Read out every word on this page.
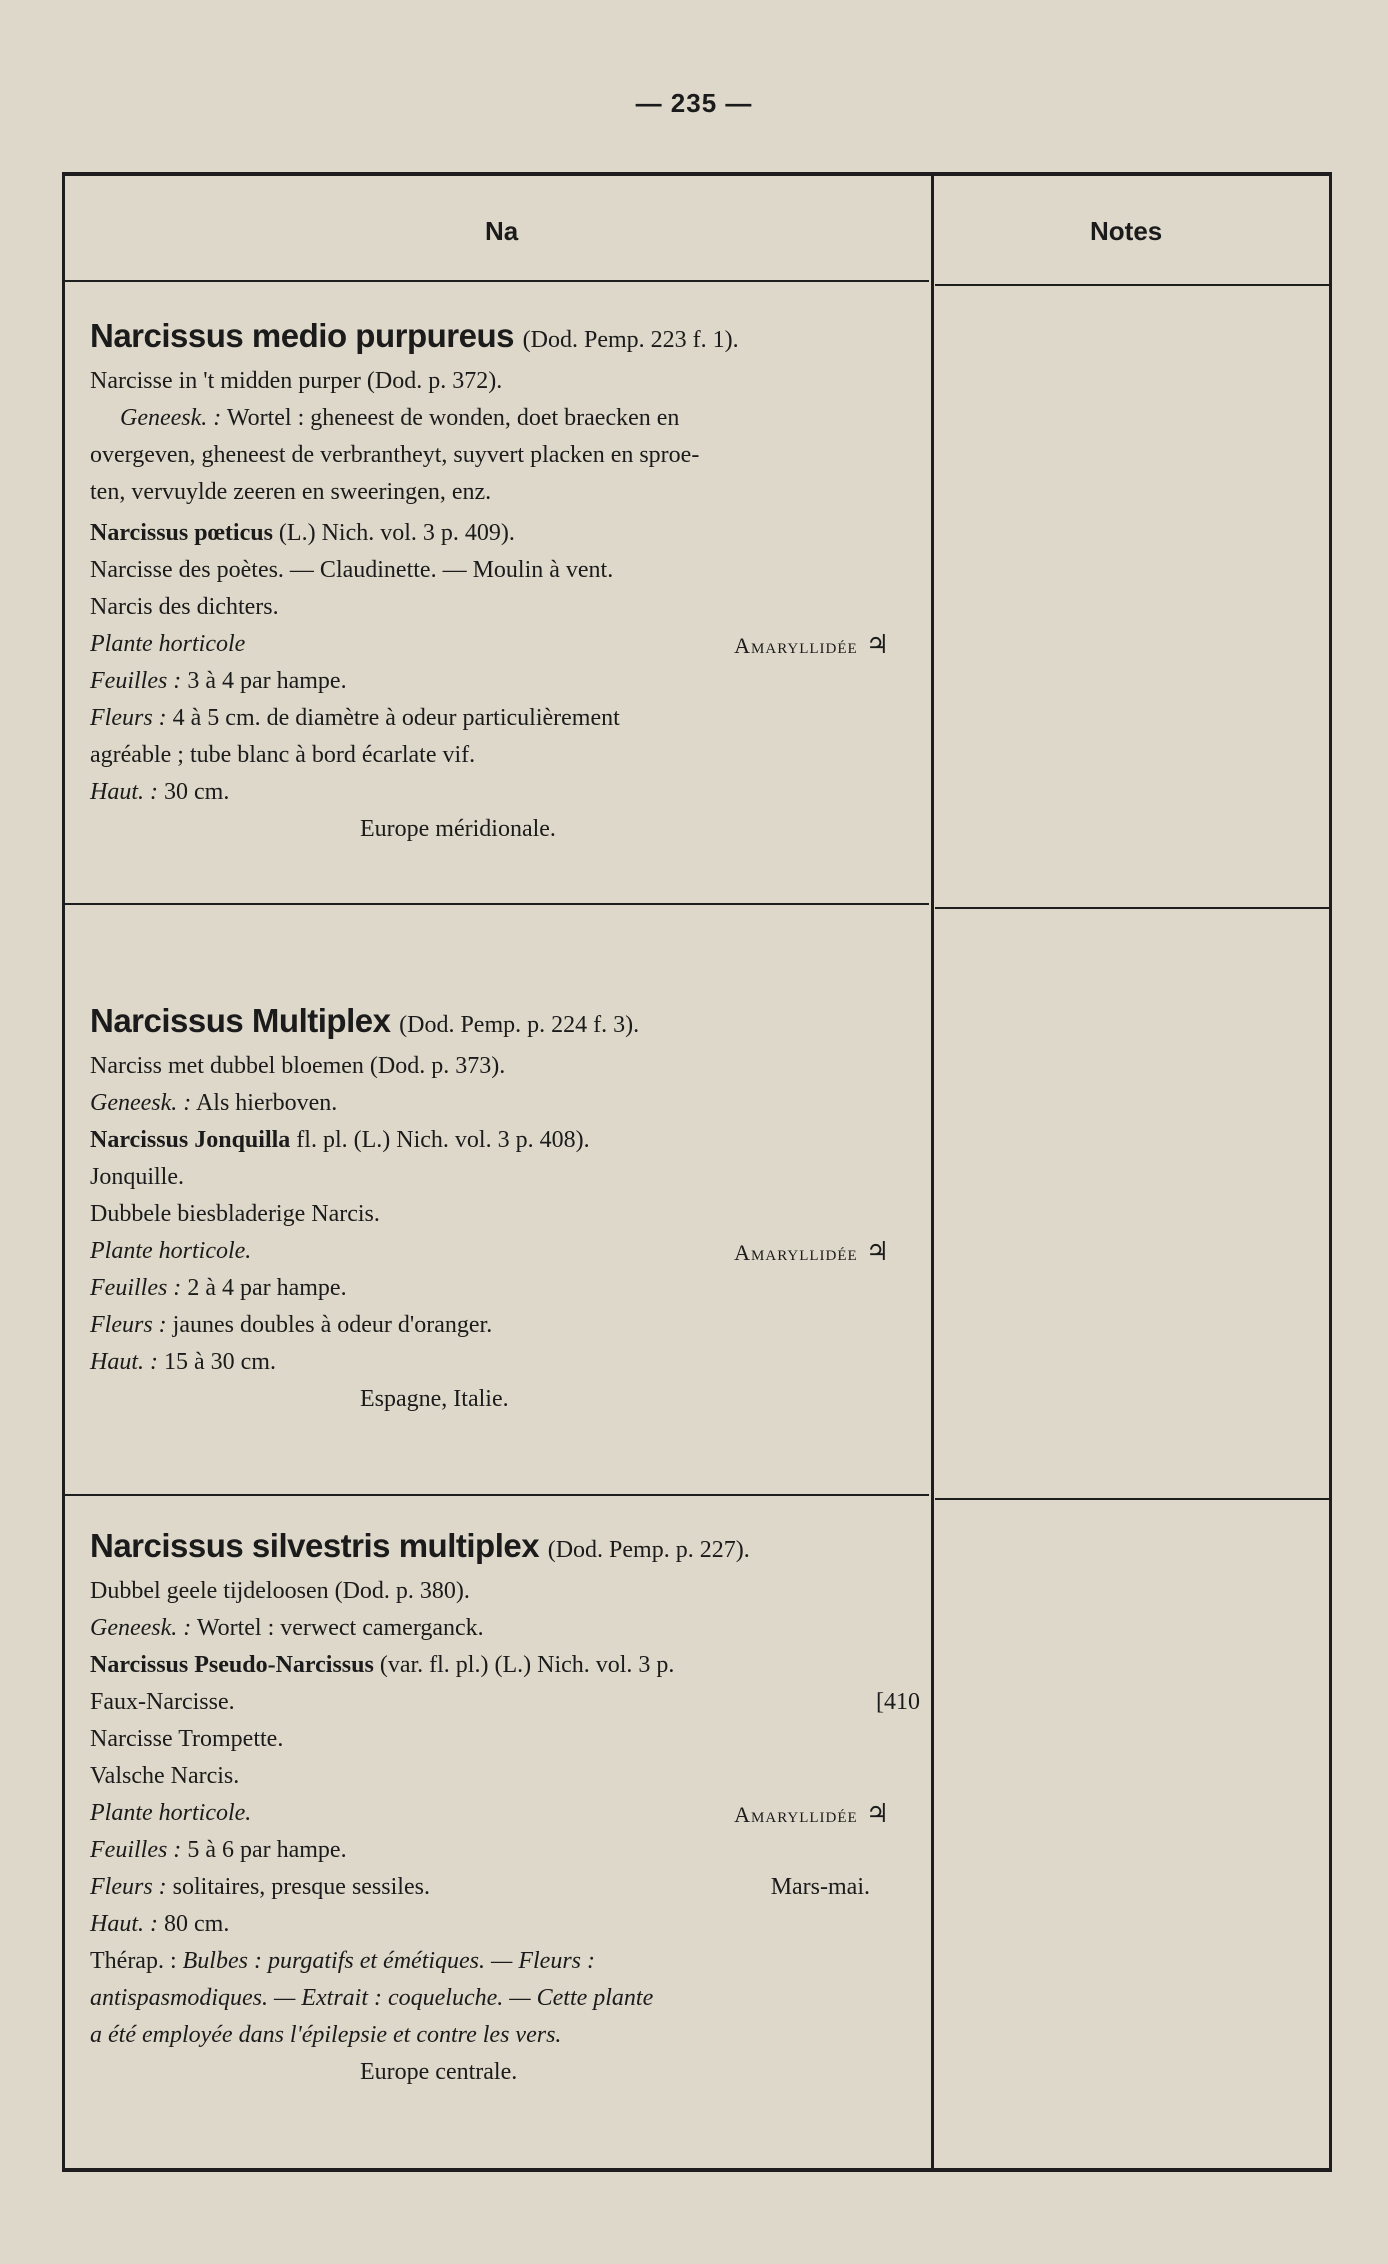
— 235 —
Na	Notes
Narcissus medio purpureus (Dod. Pemp. 223 f. 1).
Narcisse in 't midden purper (Dod. p. 372).
Geneesk. : Wortel : gheneest de wonden, doet braecken en
overgeven, gheneest de verbrantheyt, suyvert placken en sproe-
ten, vervuylde zeeren en sweeringen, enz.
Narcissus pœticus (L.) Nich. vol. 3 p. 409).
Narcisse des poètes. — Claudinette. — Moulin à vent.
Narcis des dichters.
Plante horticole	Amaryllidée ♃
Feuilles : 3 à 4 par hampe.
Fleurs : 4 à 5 cm. de diamètre à odeur particulièrement
agréable ; tube blanc à bord écarlate vif.
Haut. : 30 cm.
Europe méridionale.
Narcissus Multiplex (Dod. Pemp. p. 224 f. 3).
Narciss met dubbel bloemen (Dod. p. 373).
Geneesk. : Als hierboven.
Narcissus Jonquilla fl. pl. (L.) Nich. vol. 3 p. 408).
Jonquille.
Dubbele biesbladerige Narcis.
Plante horticole.	Amaryllidée ♃
Feuilles : 2 à 4 par hampe.
Fleurs : jaunes doubles à odeur d'oranger.
Haut. : 15 à 30 cm.
Espagne, Italie.
Narcissus silvestris multiplex (Dod. Pemp. p. 227).
Dubbel geele tijdeloosen (Dod. p. 380).
Geneesk. : Wortel : verwect camerganck.
Narcissus Pseudo-Narcissus (var. fl. pl.) (L.) Nich. vol. 3 p.
Faux-Narcisse.	[410
Narcisse Trompette.
Valsche Narcis.
Plante horticole.	Amaryllidée ♃
Feuilles : 5 à 6 par hampe.
Fleurs : solitaires, presque sessiles.	Mars-mai.
Haut. : 80 cm.
Thérap. : Bulbes : purgatifs et émétiques. — Fleurs :
antispasmodiques. — Extrait : coqueluche. — Cette plante
a été employée dans l'épilepsie et contre les vers.
Europe centrale.
